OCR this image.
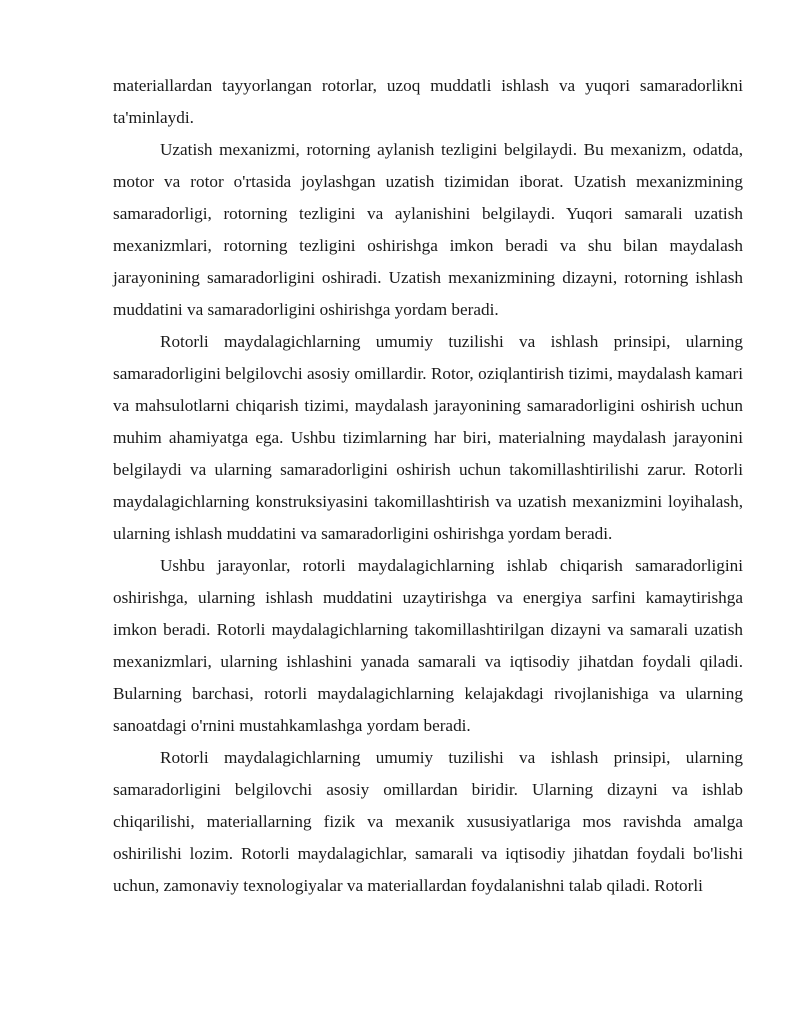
materiallardan tayyorlangan rotorlar, uzoq muddatli ishlash va yuqori samaradorlikni ta'minlaydi.

Uzatish mexanizmi, rotorning aylanish tezligini belgilaydi. Bu mexanizm, odatda, motor va rotor o'rtasida joylashgan uzatish tizimidan iborat. Uzatish mexanizmining samaradorligi, rotorning tezligini va aylanishini belgilaydi. Yuqori samarali uzatish mexanizmlari, rotorning tezligini oshirishga imkon beradi va shu bilan maydalash jarayonining samaradorligini oshiradi. Uzatish mexanizmining dizayni, rotorning ishlash muddatini va samaradorligini oshirishga yordam beradi.

Rotorli maydalagichlarning umumiy tuzilishi va ishlash prinsipi, ularning samaradorligini belgilovchi asosiy omillardir. Rotor, oziqlantirish tizimi, maydalash kamari va mahsulotlarni chiqarish tizimi, maydalash jarayonining samaradorligini oshirish uchun muhim ahamiyatga ega. Ushbu tizimlarning har biri, materialning maydalash jarayonini belgilaydi va ularning samaradorligini oshirish uchun takomillashtirilishi zarur. Rotorli maydalagichlarning konstruksiyasini takomillashtirish va uzatish mexanizmini loyihalash, ularning ishlash muddatini va samaradorligini oshirishga yordam beradi.

Ushbu jarayonlar, rotorli maydalagichlarning ishlab chiqarish samaradorligini oshirishga, ularning ishlash muddatini uzaytirishga va energiya sarfini kamaytirishga imkon beradi. Rotorli maydalagichlarning takomillashtirilgan dizayni va samarali uzatish mexanizmlari, ularning ishlashini yanada samarali va iqtisodiy jihatdan foydali qiladi. Bularning barchasi, rotorli maydalagichlarning kelajakdagi rivojlanishiga va ularning sanoatdagi o'rnini mustahkamlashga yordam beradi.

Rotorli maydalagichlarning umumiy tuzilishi va ishlash prinsipi, ularning samaradorligini belgilovchi asosiy omillardan biridir. Ularning dizayni va ishlab chiqarilishi, materiallarning fizik va mexanik xususiyatlariga mos ravishda amalga oshirilishi lozim. Rotorli maydalagichlar, samarali va iqtisodiy jihatdan foydali bo'lishi uchun, zamonaviy texnologiyalar va materiallardan foydalanishni talab qiladi. Rotorli
